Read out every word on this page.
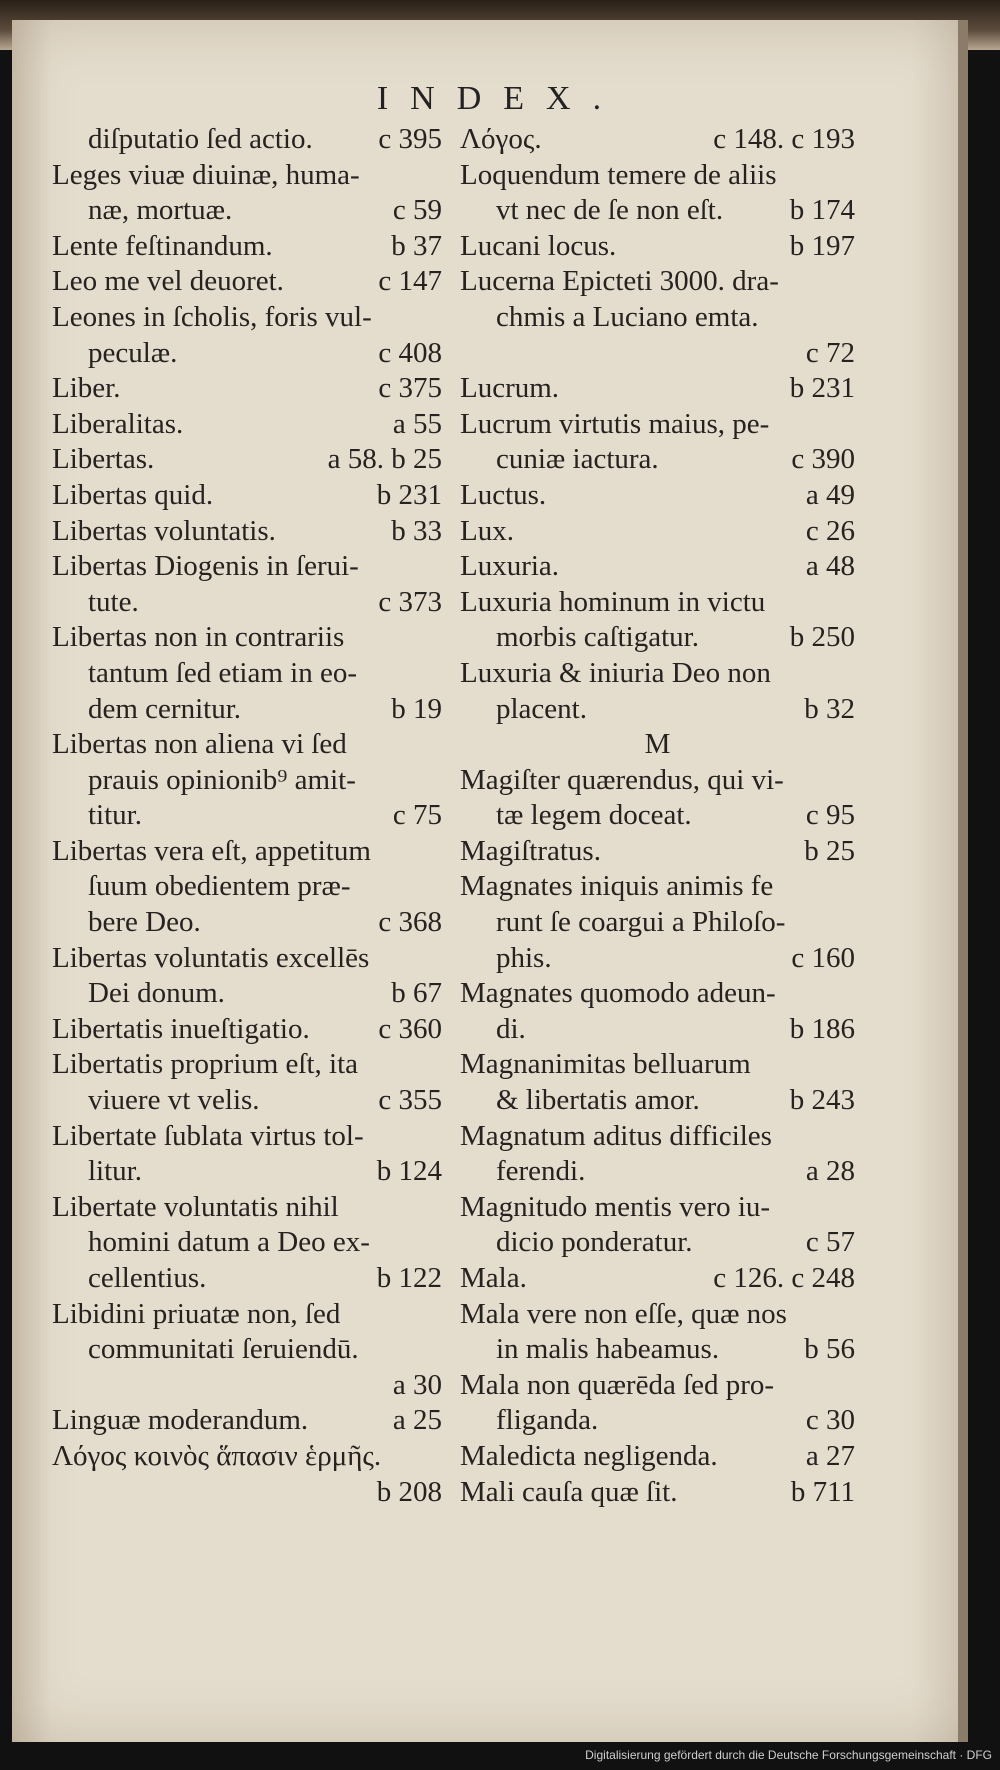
INDEX.
diſputatio ſed actio.	c 395
Leges viuæ diuinæ, huma-
næ, mortuæ.	c 59
Lente feſtinandum.	b 37
Leo me vel deuoret.	c 147
Leones in ſcholis, foris vul-
peculæ.	c 408
Liber.	c 375
Liberalitas.	a 55
Libertas.	a 58. b 25
Libertas quid.	b 231
Libertas voluntatis.	b 33
Libertas Diogenis in ſerui-
tute.	c 373
Libertas non in contrariis
tantum ſed etiam in eo-
dem cernitur.	b 19
Libertas non aliena vi ſed
prauis opinionib⁹ amit-
titur.	c 75
Libertas vera eſt, appetitum
ſuum obedientem præ-
bere Deo.	c 368
Libertas voluntatis excellēs
Dei donum.	b 67
Libertatis inueſtigatio.	c 360
Libertatis proprium eſt, ita
viuere vt velis.	c 355
Libertate ſublata virtus tol-
litur.	b 124
Libertate voluntatis nihil
homini datum a Deo ex-
cellentius.	b 122
Libidini priuatæ non, ſed
communitati ſeruiendū.
a 30
Linguæ moderandum.	a 25
Λόγος κοινὸς ἅπασιν ἑρμῆς.
b 208
Λόγος.	c 148. c 193
Loquendum temere de aliis
vt nec de ſe non eſt.	b 174
Lucani locus.	b 197
Lucerna Epicteti 3000. dra-
chmis a Luciano emta.
c 72
Lucrum.	b 231
Lucrum virtutis maius, pe-
cuniæ iactura.	c 390
Luctus.	a 49
Lux.	c 26
Luxuria.	a 48
Luxuria hominum in victu
morbis caſtigatur.	b 250
Luxuria & iniuria Deo non
placent.	b 32
M
Magiſter quærendus, qui vi-
tæ legem doceat.	c 95
Magiſtratus.	b 25
Magnates iniquis animis fe
runt ſe coargui a Philoſo-
phis.	c 160
Magnates quomodo adeun-
di.	b 186
Magnanimitas belluarum
& libertatis amor.	b 243
Magnatum aditus difficiles
ferendi.	a 28
Magnitudo mentis vero iu-
dicio ponderatur.	c 57
Mala.	c 126. c 248
Mala vere non eſſe, quæ nos
in malis habeamus.	b 56
Mala non quærēda ſed pro-
fliganda.	c 30
Maledicta negligenda.	a 27
Mali cauſa quæ ſit.	b 711
Digitalisierung gefördert durch die Deutsche Forschungsgemeinschaft · DFG
